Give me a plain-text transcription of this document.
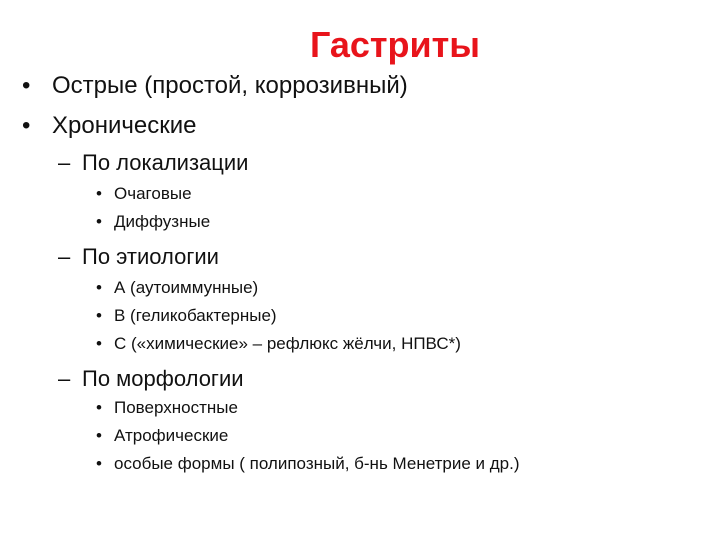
Гастриты
• Острые (простой, коррозивный)
• Хронические
– По локализации
• Очаговые
• Диффузные
– По этиологии
• А (аутоиммунные)
• В (геликобактерные)
• С («химические» – рефлюкс жёлчи, НПВС*)
– По морфологии
• Поверхностные
• Атрофические
• особые формы ( полипозный, б-нь Менетрие и др.)
